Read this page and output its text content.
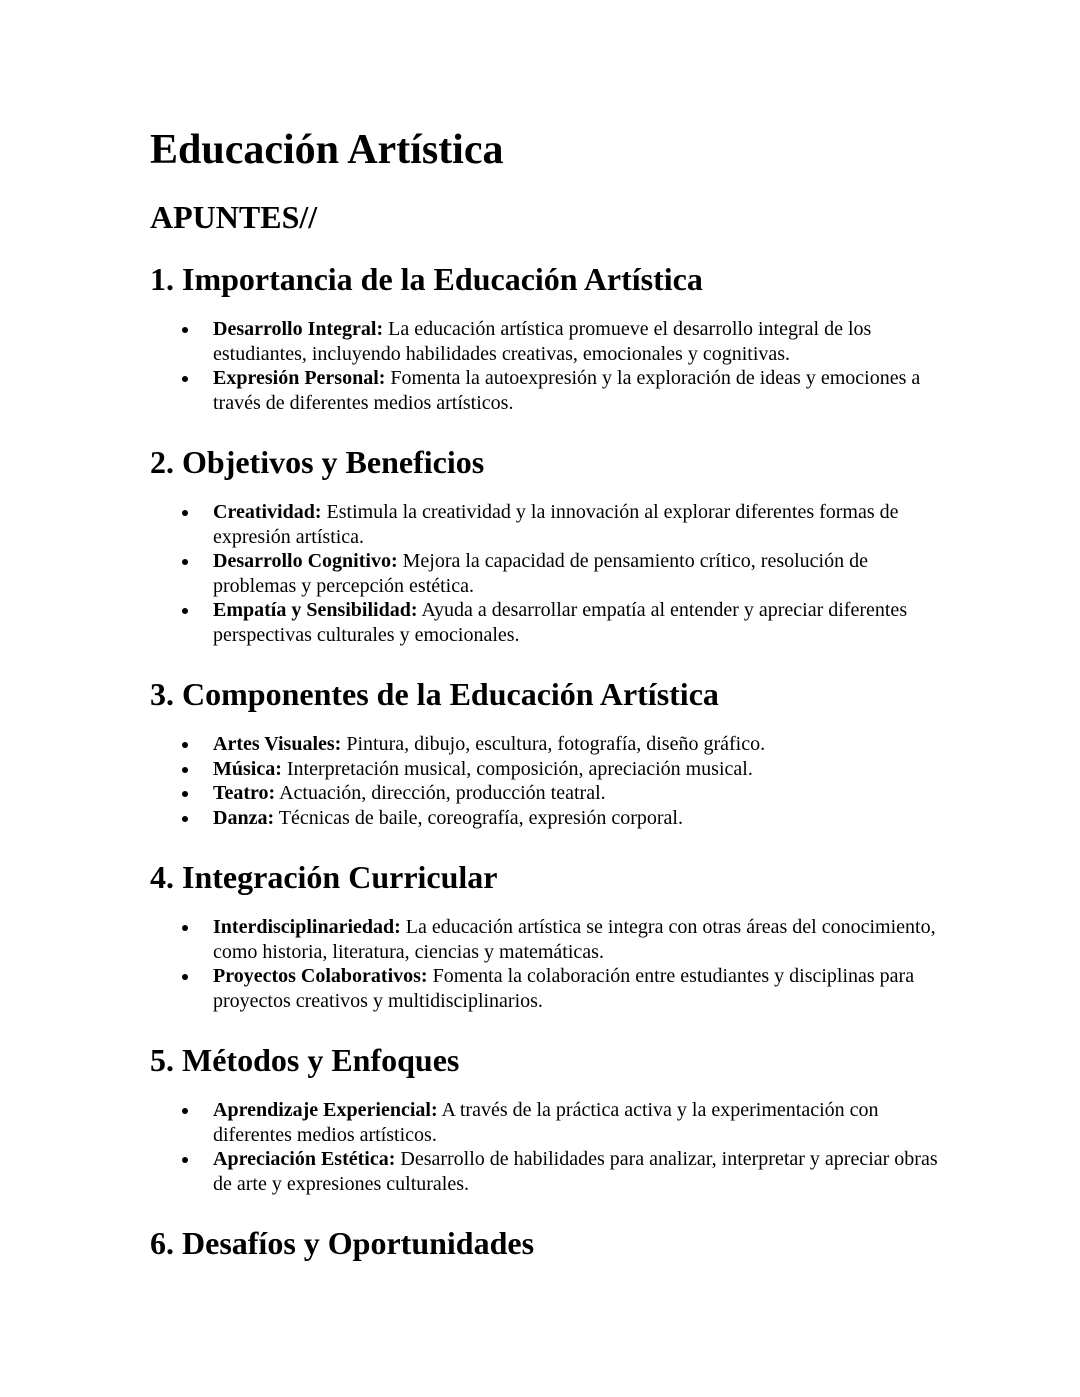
Educación Artística
APUNTES//
1. Importancia de la Educación Artística
Desarrollo Integral: La educación artística promueve el desarrollo integral de los estudiantes, incluyendo habilidades creativas, emocionales y cognitivas.
Expresión Personal: Fomenta la autoexpresión y la exploración de ideas y emociones a través de diferentes medios artísticos.
2. Objetivos y Beneficios
Creatividad: Estimula la creatividad y la innovación al explorar diferentes formas de expresión artística.
Desarrollo Cognitivo: Mejora la capacidad de pensamiento crítico, resolución de problemas y percepción estética.
Empatía y Sensibilidad: Ayuda a desarrollar empatía al entender y apreciar diferentes perspectivas culturales y emocionales.
3. Componentes de la Educación Artística
Artes Visuales: Pintura, dibujo, escultura, fotografía, diseño gráfico.
Música: Interpretación musical, composición, apreciación musical.
Teatro: Actuación, dirección, producción teatral.
Danza: Técnicas de baile, coreografía, expresión corporal.
4. Integración Curricular
Interdisciplinariedad: La educación artística se integra con otras áreas del conocimiento, como historia, literatura, ciencias y matemáticas.
Proyectos Colaborativos: Fomenta la colaboración entre estudiantes y disciplinas para proyectos creativos y multidisciplinarios.
5. Métodos y Enfoques
Aprendizaje Experiencial: A través de la práctica activa y la experimentación con diferentes medios artísticos.
Apreciación Estética: Desarrollo de habilidades para analizar, interpretar y apreciar obras de arte y expresiones culturales.
6. Desafíos y Oportunidades
